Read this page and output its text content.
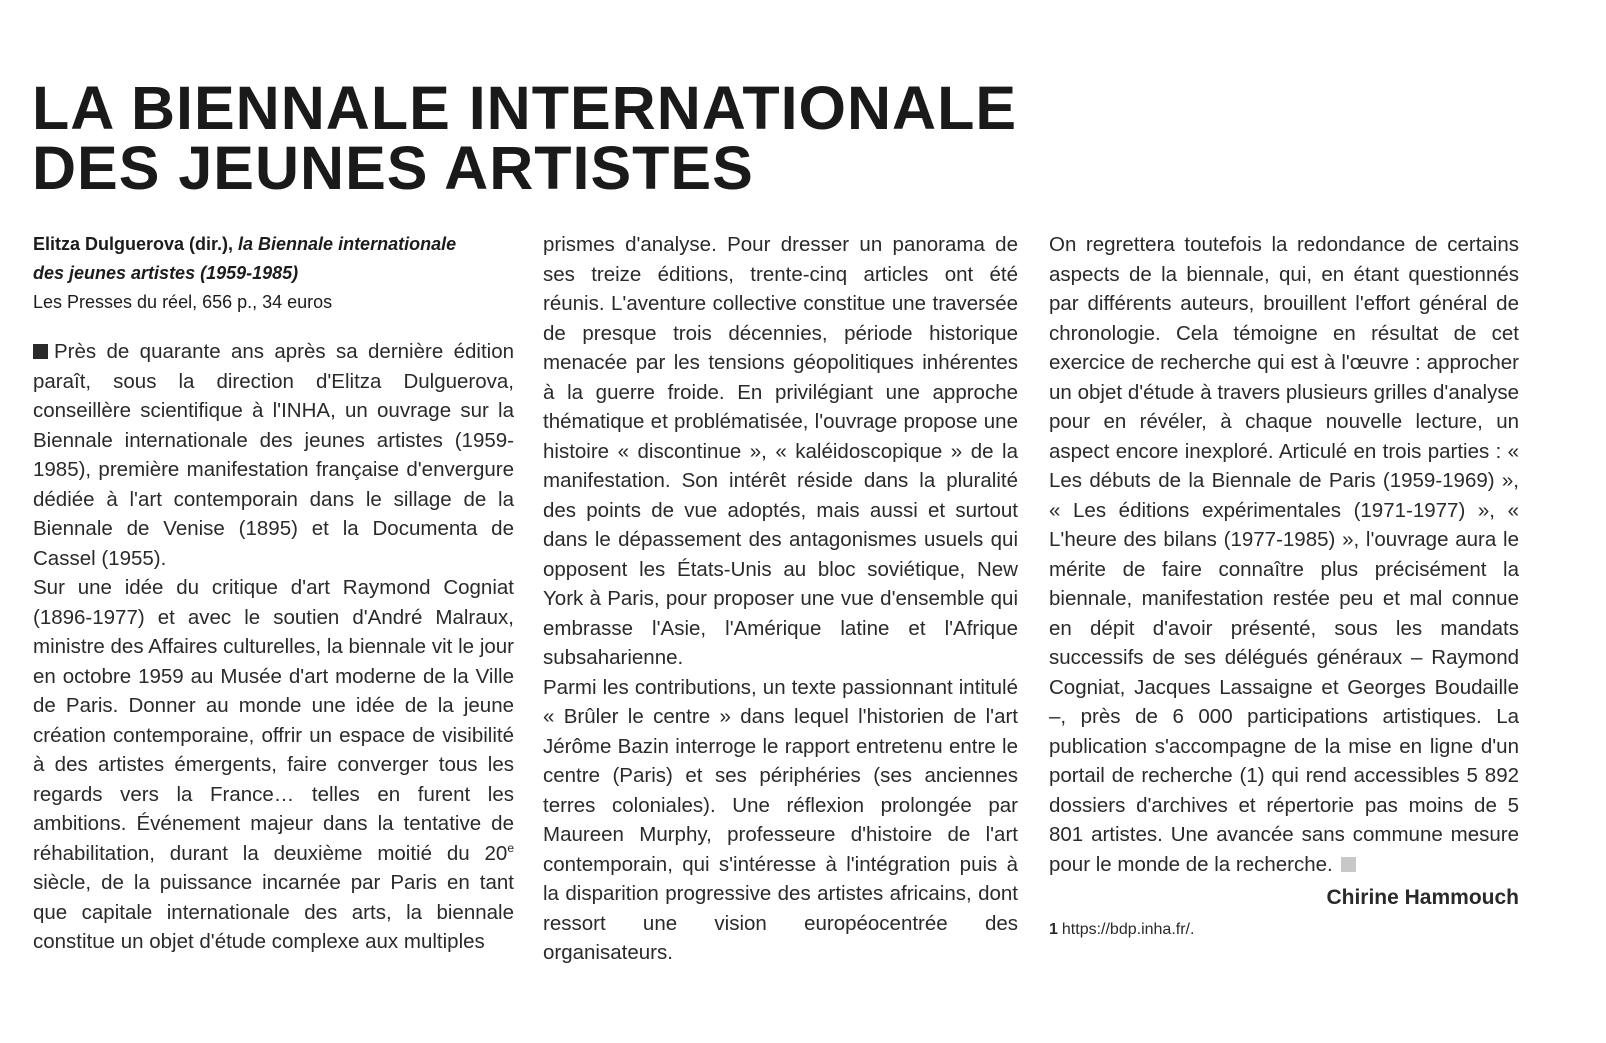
LA BIENNALE INTERNATIONALE
DES JEUNES ARTISTES
Elitza Dulguerova (dir.), la Biennale internationale
des jeunes artistes (1959-1985)
Les Presses du réel, 656 p., 34 euros

Près de quarante ans après sa dernière édition paraît, sous la direction d'Elitza Dulguerova, conseillère scientifique à l'INHA, un ouvrage sur la Biennale internationale des jeunes artistes (1959-1985), première manifestation française d'envergure dédiée à l'art contemporain dans le sillage de la Biennale de Venise (1895) et la Documenta de Cassel (1955).

Sur une idée du critique d'art Raymond Cogniat (1896-1977) et avec le soutien d'André Malraux, ministre des Affaires culturelles, la biennale vit le jour en octobre 1959 au Musée d'art moderne de la Ville de Paris. Donner au monde une idée de la jeune création contemporaine, offrir un espace de visibilité à des artistes émergents, faire converger tous les regards vers la France… telles en furent les ambitions. Événement majeur dans la tentative de réhabilitation, durant la deuxième moitié du 20e siècle, de la puissance incarnée par Paris en tant que capitale internationale des arts, la biennale constitue un objet d'étude complexe aux multiples

prismes d'analyse. Pour dresser un panorama de ses treize éditions, trente-cinq articles ont été réunis. L'aventure collective constitue une traversée de presque trois décennies, période historique menacée par les tensions géopolitiques inhérentes à la guerre froide. En privilégiant une approche thématique et problématisée, l'ouvrage propose une histoire « discontinue », « kaléidoscopique » de la manifestation. Son intérêt réside dans la pluralité des points de vue adoptés, mais aussi et surtout dans le dépassement des antagonismes usuels qui opposent les États-Unis au bloc soviétique, New York à Paris, pour proposer une vue d'ensemble qui embrasse l'Asie, l'Amérique latine et l'Afrique subsaharienne.

Parmi les contributions, un texte passionnant intitulé « Brûler le centre » dans lequel l'historien de l'art Jérôme Bazin interroge le rapport entretenu entre le centre (Paris) et ses périphéries (ses anciennes terres coloniales). Une réflexion prolongée par Maureen Murphy, professeure d'histoire de l'art contemporain, qui s'intéresse à l'intégration puis à la disparition progressive des artistes africains, dont ressort une vision européocentrée des organisateurs.

On regrettera toutefois la redondance de certains aspects de la biennale, qui, en étant questionnés par différents auteurs, brouillent l'effort général de chronologie. Cela témoigne en résultat de cet exercice de recherche qui est à l'œuvre : approcher un objet d'étude à travers plusieurs grilles d'analyse pour en révéler, à chaque nouvelle lecture, un aspect encore inexploré. Articulé en trois parties : « Les débuts de la Biennale de Paris (1959-1969) », « Les éditions expérimentales (1971-1977) », « L'heure des bilans (1977-1985) », l'ouvrage aura le mérite de faire connaître plus précisément la biennale, manifestation restée peu et mal connue en dépit d'avoir présenté, sous les mandats successifs de ses délégués généraux – Raymond Cogniat, Jacques Lassaigne et Georges Boudaille –, près de 6 000 participations artistiques. La publication s'accompagne de la mise en ligne d'un portail de recherche (1) qui rend accessibles 5 892 dossiers d'archives et répertorie pas moins de 5 801 artistes. Une avancée sans commune mesure pour le monde de la recherche.

Chirine Hammouch
1 https://bdp.inha.fr/.
